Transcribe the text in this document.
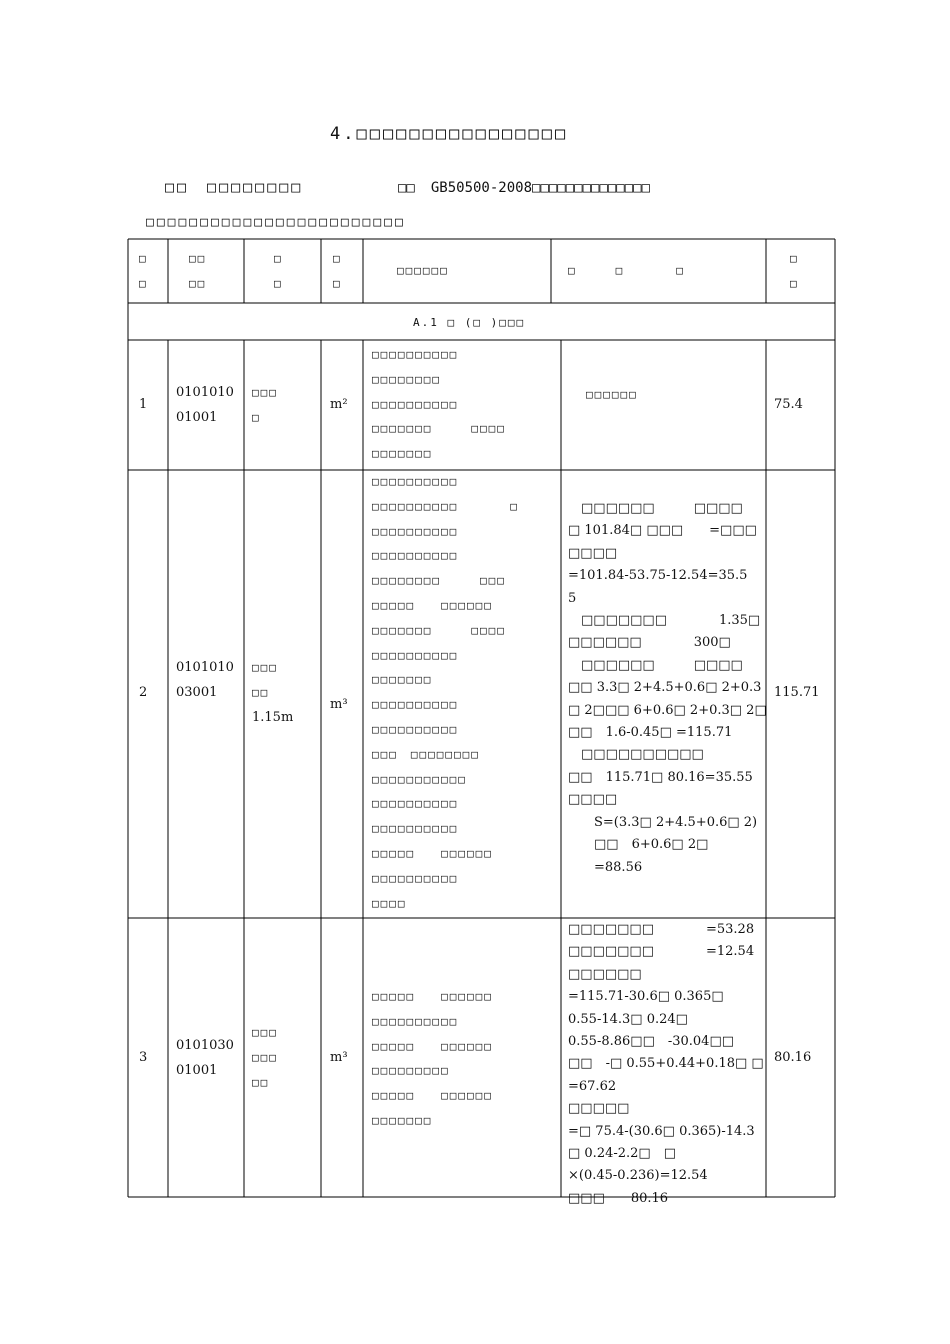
4.□□□□□□□□□□□□□□□□
□□　□□□□□□□□	□□ GB50500-2008□□□□□□□□□□□□□□
□□□□□□□□□□□□□□□□□□□□□□□□
□
□
□□
□□
□
□
□
□
□□□□□□	□　　　□　　　　□
□
□
A.1 □ (□ )□□□
1
0101010
01001
□□□
□
m²
□□□□□□□□□□
□□□□□□□□
□□□□□□□□□□
□□□□□□□　　　□□□□
□□□□□□□
□□□□□□
75.4
2
0101010
03001
□□□
□□
1.15m
m³
□□□□□□□□□□
□□□□□□□□□□　　　　□
□□□□□□□□□□
□□□□□□□□□□
□□□□□□□□　　　□□□
□□□□□　　□□□□□□
□□□□□□□　　　□□□□
□□□□□□□□□□
□□□□□□□
□□□□□□□□□□
□□□□□□□□□□
□□□　□□□□□□□□
□□□□□□□□□□□
□□□□□□□□□□
□□□□□□□□□□
□□□□□　　□□□□□□
□□□□□□□□□□
□□□□
　□□□□□□　　　□□□□
□ 101.84□ □□□　　=□□□
□□□□
=101.84-53.75-12.54=35.5
5
　□□□□□□□　　　　1.35□
□□□□□□　　　　300□
　□□□□□□　　　□□□□
□□ 3.3□ 2+4.5+0.6□ 2+0.3
□ 2□□□ 6+0.6□ 2+0.3□ 2□
□□　1.6-0.45□ =115.71
　□□□□□□□□□□
□□　115.71□ 80.16=35.55
□□□□
　　S=(3.3□ 2+4.5+0.6□ 2)
　　□□　6+0.6□ 2□
　　=88.56
115.71
3
0101030
01001
□□□
□□□
□□
m³
□□□□□　　□□□□□□
□□□□□□□□□□
□□□□□　　□□□□□□
□□□□□□□□□
□□□□□　　□□□□□□
□□□□□□□
□□□□□□□　　　　=53.28
□□□□□□□　　　　=12.54
□□□□□□
=115.71-30.6□ 0.365□
0.55-14.3□ 0.24□
0.55-8.86□□　-30.04□□
□□　-□ 0.55+0.44+0.18□ □
=67.62
□□□□□
=□ 75.4-(30.6□ 0.365)-14.3
□ 0.24-2.2□　□
×(0.45-0.236)=12.54
□□□　　80.16
80.16
